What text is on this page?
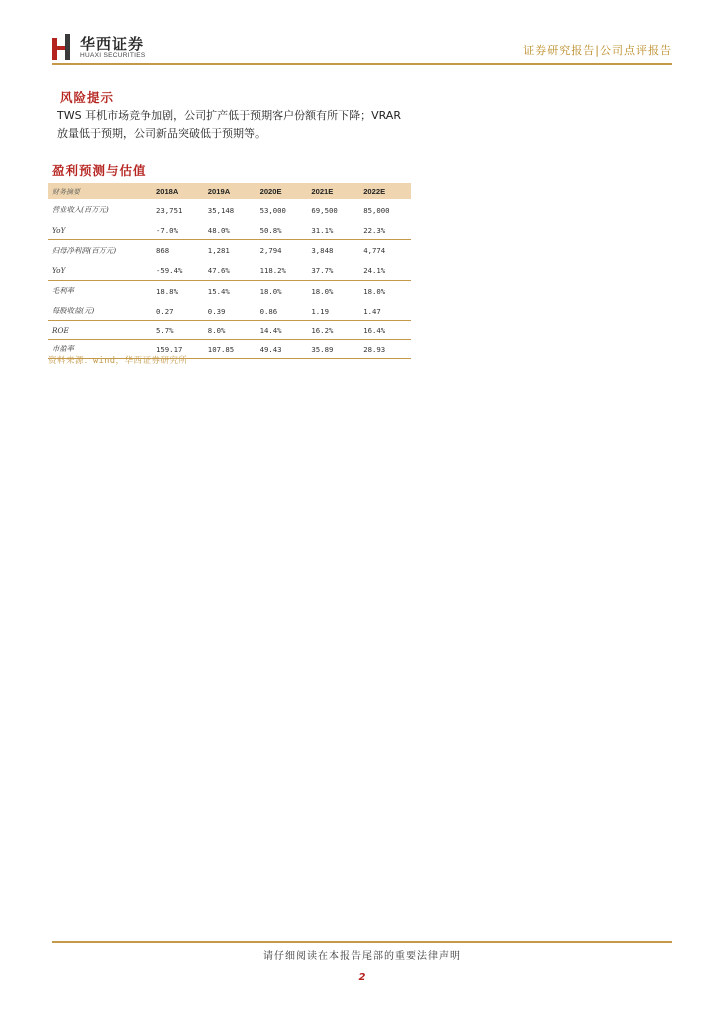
华西证券
HUAXI SECURITIES	证券研究报告|公司点评报告
风险提示
TWS 耳机市场竞争加剧，公司扩产低于预期客户份额有所下降；VRAR 放量低于预期，公司新品突破低于预期等。
盈利预测与估值
财务摘要	2018A	2019A	2020E	2021E	2022E
营业收入(百万元)	23,751	35,148	53,000	69,500	85,000
YoY	-7.0%	48.0%	50.8%	31.1%	22.3%
归母净利润(百万元)	868	1,281	2,794	3,848	4,774
YoY	-59.4%	47.6%	118.2%	37.7%	24.1%
毛利率	18.8%	15.4%	18.0%	18.0%	18.0%
每股收益(元)	0.27	0.39	0.86	1.19	1.47
ROE	5.7%	8.0%	14.4%	16.2%	16.4%
市盈率	159.17	107.85	49.43	35.89	28.93
资料来源：wind，华西证券研究所
请仔细阅读在本报告尾部的重要法律声明
2
